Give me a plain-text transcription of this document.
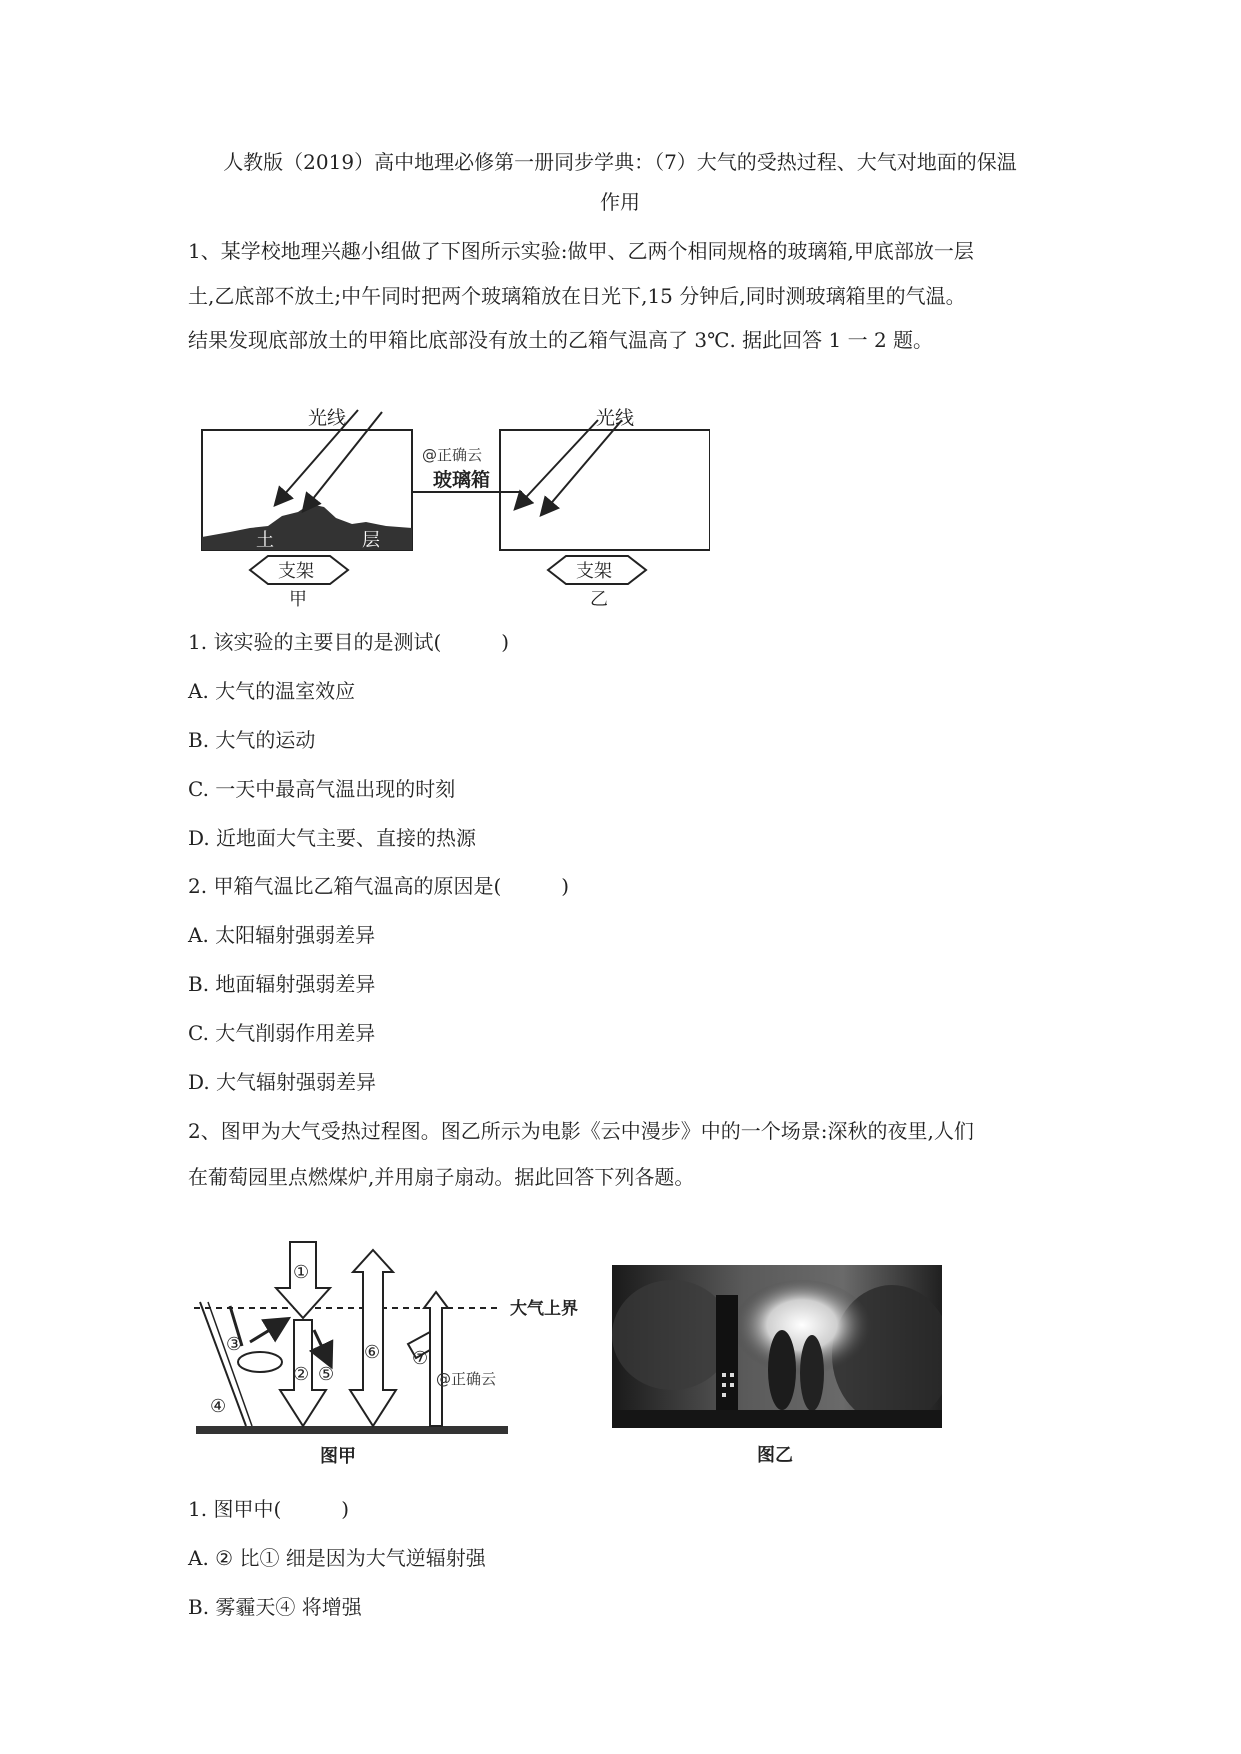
人教版（2019）高中地理必修第一册同步学典：（7）大气的受热过程、大气对地面的保温
作用
1、某学校地理兴趣小组做了下图所示实验:做甲、乙两个相同规格的玻璃箱,甲底部放一层
土,乙底部不放土;中午同时把两个玻璃箱放在日光下,15 分钟后,同时测玻璃箱里的气温。
结果发现底部放土的甲箱比底部没有放土的乙箱气温高了 3℃. 据此回答 1 一 2 题。
土	层
光线
支架
甲
@正确云
玻璃箱
光线
支架
乙
1. 该实验的主要目的是测试(　　　)
A. 大气的温室效应
B. 大气的运动
C. 一天中最高气温出现的时刻
D. 近地面大气主要、直接的热源
2. 甲箱气温比乙箱气温高的原因是(　　　)
A. 太阳辐射强弱差异
B. 地面辐射强弱差异
C. 大气削弱作用差异
D. 大气辐射强弱差异
2、图甲为大气受热过程图。图乙所示为电影《云中漫步》中的一个场景:深秋的夜里,人们
在葡萄园里点燃煤炉,并用扇子扇动。据此回答下列各题。
大气上界
④
①
②
③
⑤
⑥ ⑦
@正确云
图甲	图乙
1. 图甲中(　　　)
A. ② 比① 细是因为大气逆辐射强
B. 雾霾天④ 将增强
